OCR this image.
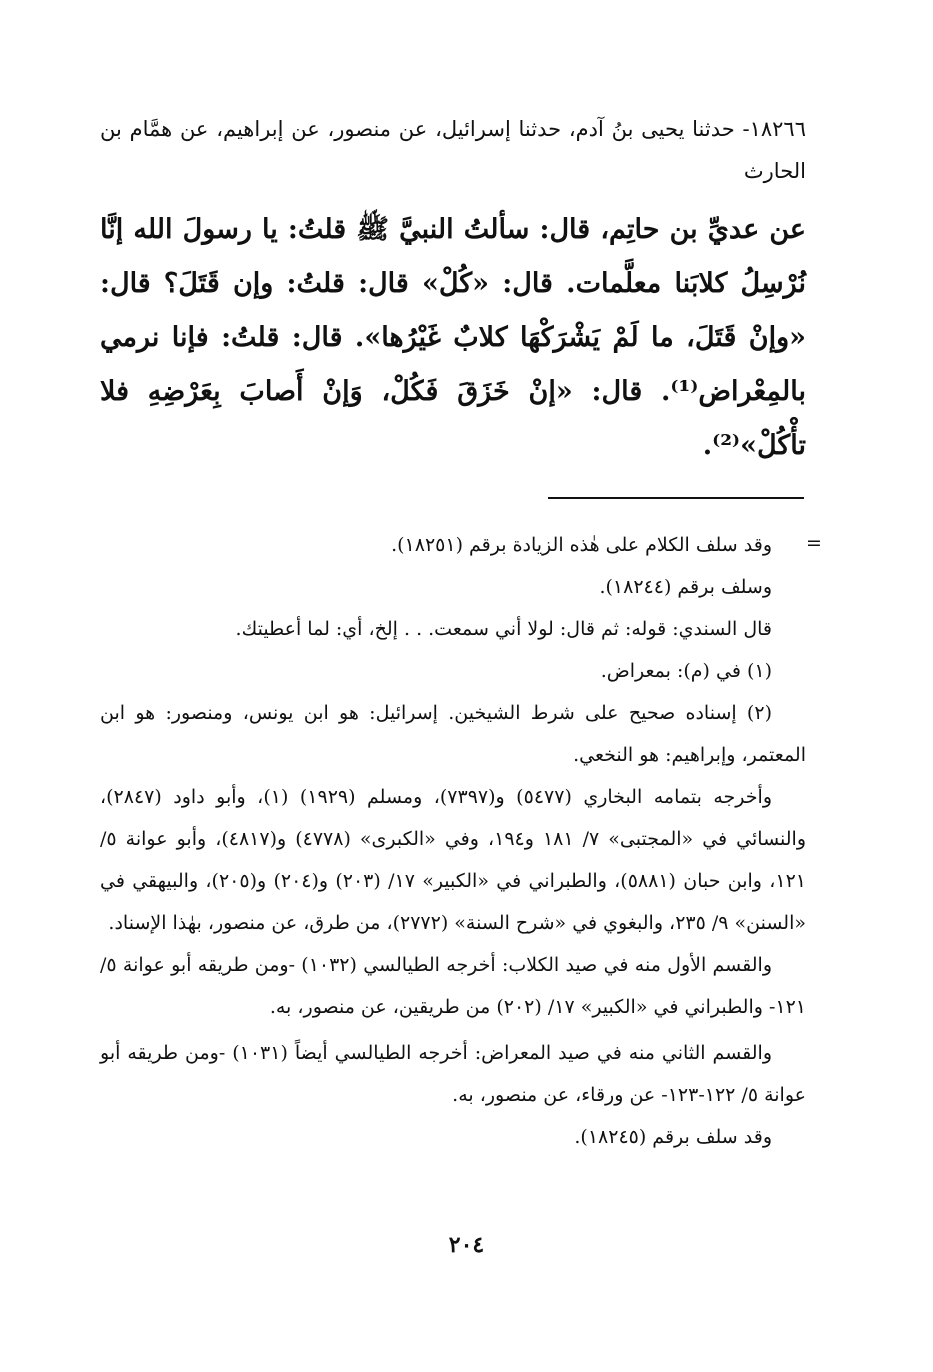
١٨٢٦٦- حدثنا يحيى بنُ آدم، حدثنا إسرائيل، عن منصور، عن إبراهيم، عن همَّام بن الحارث
عن عديِّ بن حاتِم، قال: سألتُ النبيَّ ﷺ قلتُ: يا رسولَ الله إنَّا نُرْسِلُ كلابَنا معلَّمات. قال: «كُلْ» قال: قلتُ: وإن قَتَلَ؟ قال: «وإنْ قَتَلَ، ما لَمْ يَشْرَكْهَا كلابٌ غَيْرُها». قال: قلتُ: فإنا نرمي بالمِعْراض⁽¹⁾. قال: «إنْ خَزَقَ فَكُلْ، وَإنْ أَصابَ بِعَرْضِهِ فلا تأْكُلْ»⁽²⁾.
=

وقد سلف الكلام على هٰذه الزيادة برقم (١٨٢٥١).

وسلف برقم (١٨٢٤٤).

قال السندي: قوله: ثم قال: لولا أني سمعت. . . إلخ، أي: لما أعطيتك.

(١) في (م): بمعراض.

(٢) إسناده صحيح على شرط الشيخين. إسرائيل: هو ابن يونس، ومنصور: هو ابن المعتمر، وإبراهيم: هو النخعي.

وأخرجه بتمامه البخاري (٥٤٧٧) و(٧٣٩٧)، ومسلم (١٩٢٩) (١)، وأبو داود (٢٨٤٧)، والنسائي في «المجتبى» ٧/ ١٨١ و١٩٤، وفي «الكبرى» (٤٧٧٨) و(٤٨١٧)، وأبو عوانة ٥/ ١٢١، وابن حبان (٥٨٨١)، والطبراني في «الكبير» ١٧/ (٢٠٣) و(٢٠٤) و(٢٠٥)، والبيهقي في «السنن» ٩/ ٢٣٥، والبغوي في «شرح السنة» (٢٧٧٢)، من طرق، عن منصور، بهٰذا الإسناد.

والقسم الأول منه في صيد الكلاب: أخرجه الطيالسي (١٠٣٢) -ومن طريقه أبو عوانة ٥/ ١٢١- والطبراني في «الكبير» ١٧/ (٢٠٢) من طريقين، عن منصور، به.

والقسم الثاني منه في صيد المعراض: أخرجه الطيالسي أيضاً (١٠٣١) -ومن طريقه أبو عوانة ٥/ ١٢٢-١٢٣- عن ورقاء، عن منصور، به.

وقد سلف برقم (١٨٢٤٥).

٢٠٤
